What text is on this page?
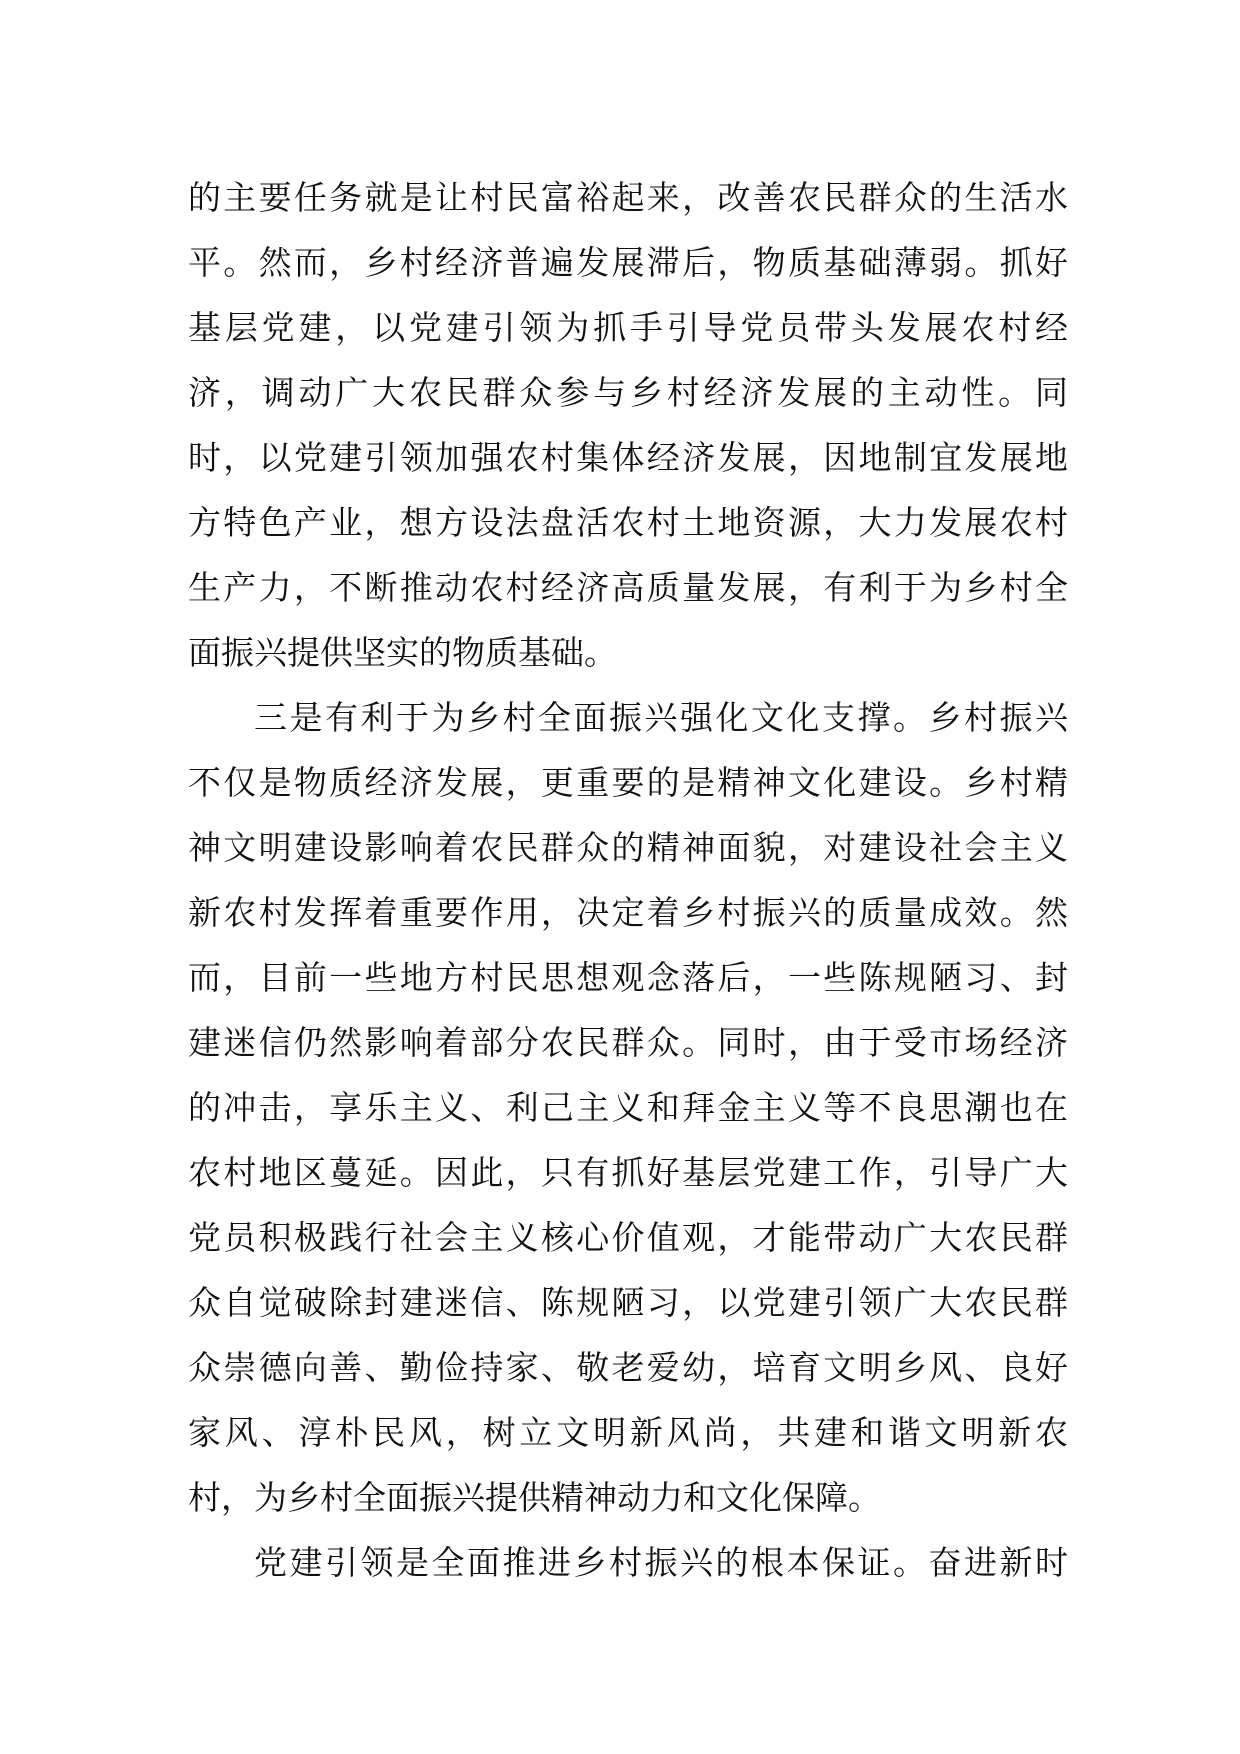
的主要任务就是让村民富裕起来，改善农民群众的生活水
平。然而，乡村经济普遍发展滞后，物质基础薄弱。抓好
基层党建，以党建引领为抓手引导党员带头发展农村经
济，调动广大农民群众参与乡村经济发展的主动性。同
时，以党建引领加强农村集体经济发展，因地制宜发展地
方特色产业，想方设法盘活农村土地资源，大力发展农村
生产力，不断推动农村经济高质量发展，有利于为乡村全
面振兴提供坚实的物质基础。
三是有利于为乡村全面振兴强化文化支撑。乡村振兴
不仅是物质经济发展，更重要的是精神文化建设。乡村精
神文明建设影响着农民群众的精神面貌，对建设社会主义
新农村发挥着重要作用，决定着乡村振兴的质量成效。然
而，目前一些地方村民思想观念落后，一些陈规陋习、封
建迷信仍然影响着部分农民群众。同时，由于受市场经济
的冲击，享乐主义、利己主义和拜金主义等不良思潮也在
农村地区蔓延。因此，只有抓好基层党建工作，引导广大
党员积极践行社会主义核心价值观，才能带动广大农民群
众自觉破除封建迷信、陈规陋习，以党建引领广大农民群
众崇德向善、勤俭持家、敬老爱幼，培育文明乡风、良好
家风、淳朴民风，树立文明新风尚，共建和谐文明新农
村，为乡村全面振兴提供精神动力和文化保障。
党建引领是全面推进乡村振兴的根本保证。奋进新时
